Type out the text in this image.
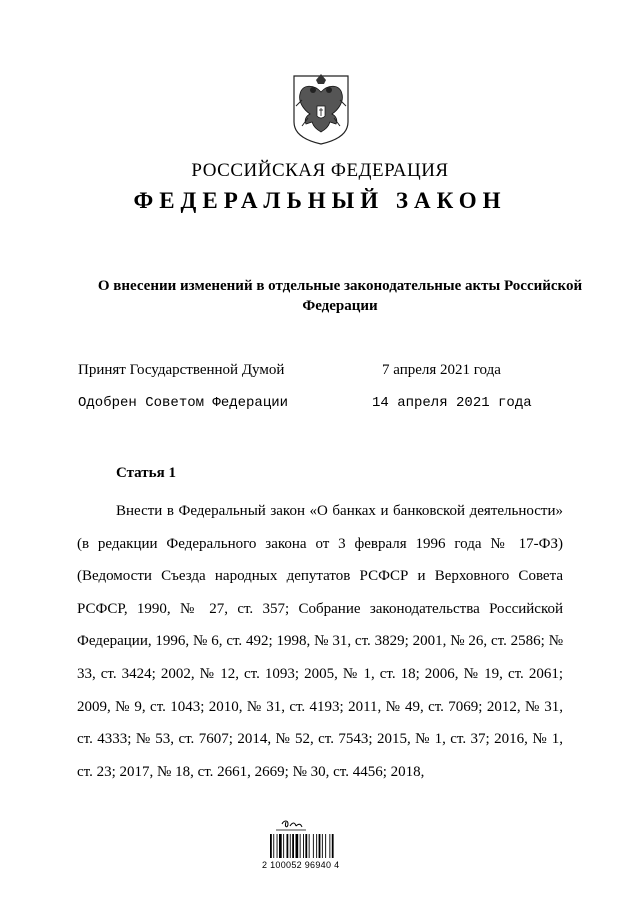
РОССИЙСКАЯ ФЕДЕРАЦИЯ
ФЕДЕРАЛЬНЫЙ ЗАКОН
О внесении изменений в отдельные законодательные акты Российской Федерации
Принят Государственной Думой	7 апреля 2021 года
Одобрен Советом Федерации	14 апреля 2021 года
Статья 1

Внести в Федеральный закон «О банках и банковской деятельности» (в редакции Федерального закона от 3 февраля 1996 года № 17-ФЗ) (Ведомости Съезда народных депутатов РСФСР и Верховного Совета РСФСР, 1990, № 27, ст. 357; Собрание законодательства Российской Федерации, 1996, № 6, ст. 492; 1998, № 31, ст. 3829; 2001, № 26, ст. 2586; № 33, ст. 3424; 2002, № 12, ст. 1093; 2005, № 1, ст. 18; 2006, № 19, ст. 2061; 2009, № 9, ст. 1043; 2010, № 31, ст. 4193; 2011, № 49, ст. 7069; 2012, № 31, ст. 4333; № 53, ст. 7607; 2014, № 52, ст. 7543; 2015, № 1, ст. 37; 2016, № 1, ст. 23; 2017, № 18, ст. 2661, 2669; № 30, ст. 4456; 2018,

2 100052 96940 4
